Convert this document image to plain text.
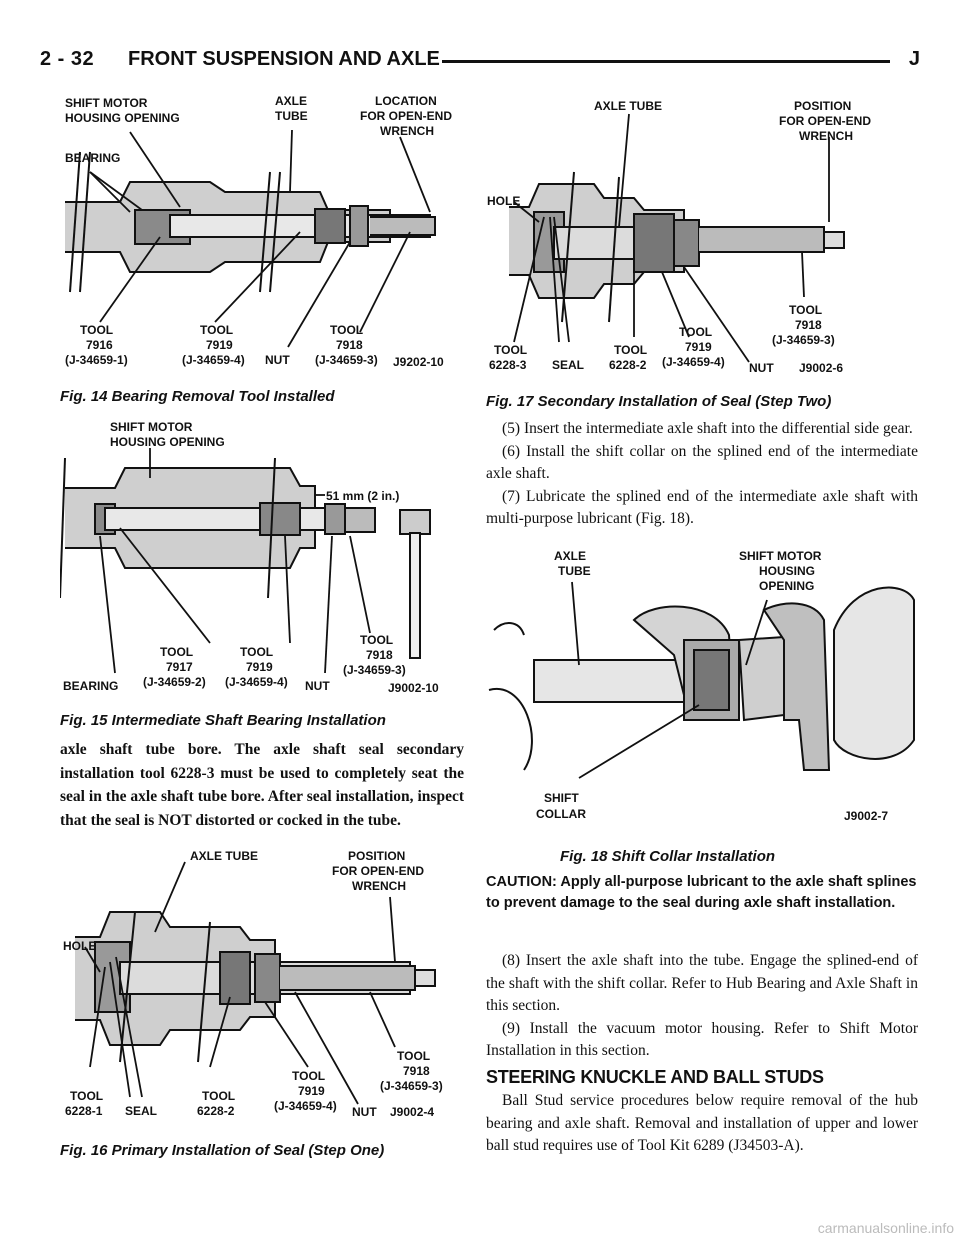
2 - 32 FRONT SUSPENSION AND AXLE	J
SHIFT MOTOR
HOUSING OPENING
AXLE
TUBE
LOCATION
FOR OPEN-END
WRENCH
BEARING
TOOL
7916
(J-34659-1)
TOOL
7919
(J-34659-4) NUT
TOOL
7918
(J-34659-3) J9202-10
Fig. 14 Bearing Removal Tool Installed
SHIFT MOTOR
HOUSING OPENING
51 mm (2 in.)
BEARING
TOOL
7917
(J-34659-2)
TOOL
7919
(J-34659-4) NUT
TOOL
7918
(J-34659-3)
J9002-10
Fig. 15 Intermediate Shaft Bearing Installation
axle shaft tube bore. The axle shaft seal secondary installation tool 6228-3 must be used to completely seat the seal in the axle shaft tube bore. After seal installation, inspect that the seal is NOT distorted or cocked in the tube.
AXLE TUBE	POSITION
FOR OPEN-END
WRENCH
HOLE
TOOL
6228-1 SEAL
TOOL
6228-2
TOOL
7919
(J-34659-4) NUT
TOOL
7918
(J-34659-3)
J9002-4
Fig. 16 Primary Installation of Seal (Step One)
AXLE TUBE	POSITION
FOR OPEN-END
WRENCH
HOLE
TOOL
6228-3 SEAL
TOOL
6228-2
TOOL
7919
(J-34659-4) NUT
TOOL
7918
(J-34659-3)
J9002-6
Fig. 17 Secondary Installation of Seal (Step Two)

(5) Insert the intermediate axle shaft into the differential side gear.

(6) Install the shift collar on the splined end of the intermediate axle shaft.

(7) Lubricate the splined end of the intermediate axle shaft with multi-purpose lubricant (Fig. 18).

AXLE
TUBE
SHIFT MOTOR
HOUSING
OPENING
SHIFT
COLLAR	J9002-7
Fig. 18 Shift Collar Installation
CAUTION: Apply all-purpose lubricant to the axle shaft splines to prevent damage to the seal during axle shaft installation.

(8) Insert the axle shaft into the tube. Engage the splined-end of the shaft with the shift collar. Refer to Hub Bearing and Axle Shaft in this section.

(9) Install the vacuum motor housing. Refer to Shift Motor Installation in this section.

STEERING KNUCKLE AND BALL STUDS

Ball Stud service procedures below require removal of the hub bearing and axle shaft. Removal and installation of upper and lower ball stud requires use of Tool Kit 6289 (J34503-A).

carmanualsonline.info
